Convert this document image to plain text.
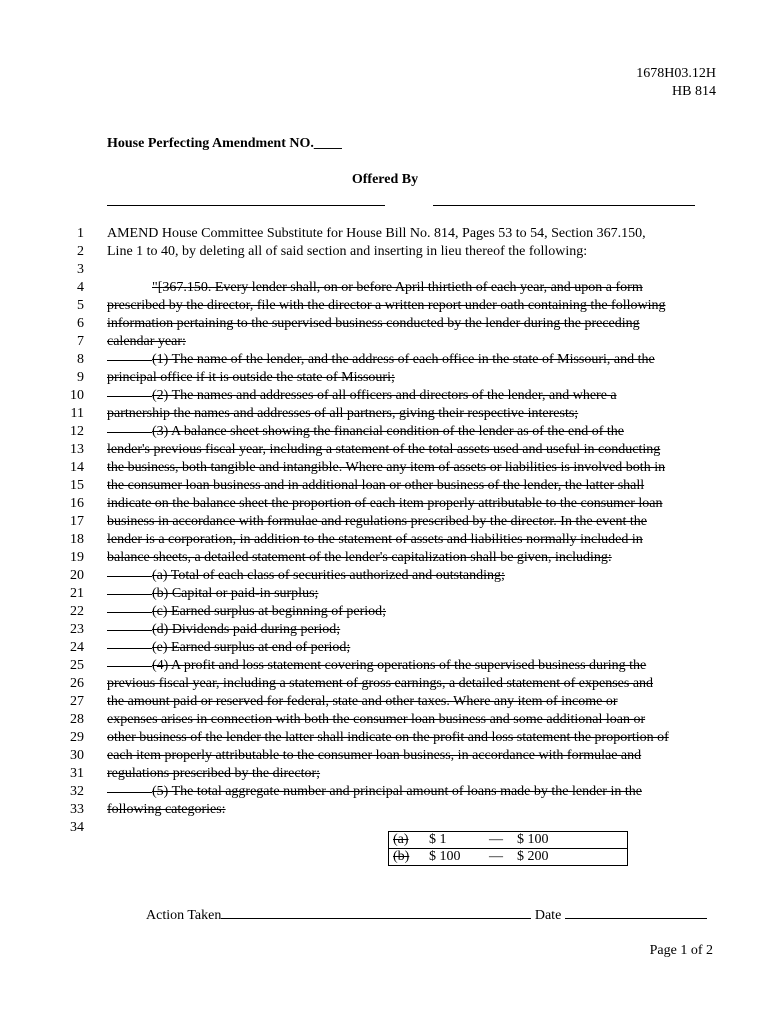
1678H03.12H
HB 814
House Perfecting Amendment NO.____
Offered By
1 AMEND House Committee Substitute for House Bill No. 814, Pages 53 to 54, Section 367.150,
2 Line 1 to 40, by deleting all of said section and inserting in lieu thereof the following:
3
4	"[367.150. Every lender shall, on or before April thirtieth of each year, and upon a form
5 prescribed by the director, file with the director a written report under oath containing the following
6 information pertaining to the supervised business conducted by the lender during the preceding
7 calendar year:
8	(1) The name of the lender, and the address of each office in the state of Missouri, and the
9 principal office if it is outside the state of Missouri;
10	(2) The names and addresses of all officers and directors of the lender, and where a
11 partnership the names and addresses of all partners, giving their respective interests;
12	(3) A balance sheet showing the financial condition of the lender as of the end of the
13 lender's previous fiscal year, including a statement of the total assets used and useful in conducting
14 the business, both tangible and intangible. Where any item of assets or liabilities is involved both in
15 the consumer loan business and in additional loan or other business of the lender, the latter shall
16 indicate on the balance sheet the proportion of each item properly attributable to the consumer loan
17 business in accordance with formulae and regulations prescribed by the director. In the event the
18 lender is a corporation, in addition to the statement of assets and liabilities normally included in
19 balance sheets, a detailed statement of the lender's capitalization shall be given, including:
20	(a) Total of each class of securities authorized and outstanding;
21	(b) Capital or paid-in surplus;
22	(c) Earned surplus at beginning of period;
23	(d) Dividends paid during period;
24	(e) Earned surplus at end of period;
25	(4) A profit and loss statement covering operations of the supervised business during the
26 previous fiscal year, including a statement of gross earnings, a detailed statement of expenses and
27 the amount paid or reserved for federal, state and other taxes. Where any item of income or
28 expenses arises in connection with both the consumer loan business and some additional loan or
29 other business of the lender the latter shall indicate on the profit and loss statement the proportion of
30 each item properly attributable to the consumer loan business, in accordance with formulae and
31 regulations prescribed by the director;
32	(5) The total aggregate number and principal amount of loans made by the lender in the
33 following categories:
34
(a)	$ 1 — $ 100
(b)	$ 100 — $ 200
Action Taken	Date
Page 1 of 2
